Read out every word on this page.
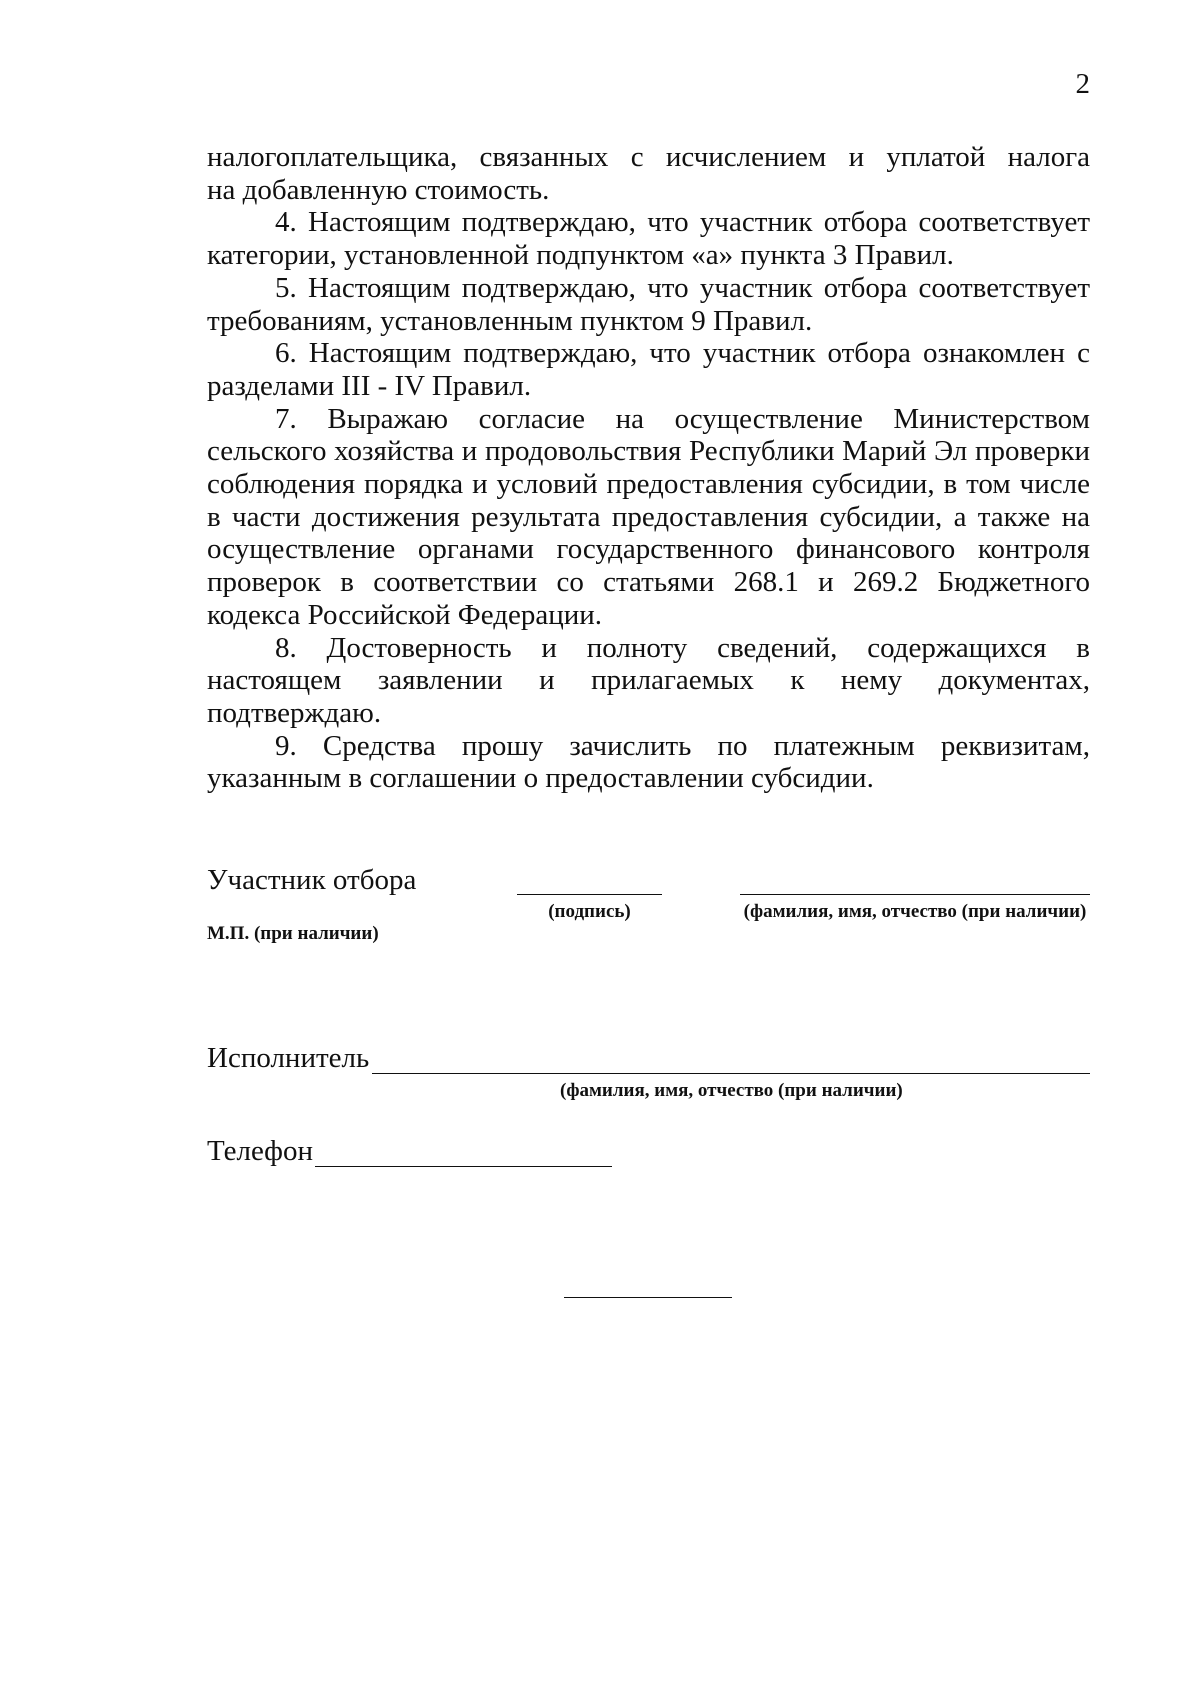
2

налогоплательщика, связанных с исчислением и уплатой налога
на добавленную стоимость.

4. Настоящим подтверждаю, что участник отбора соответствует категории, установленной подпунктом «а» пункта 3 Правил.

5. Настоящим подтверждаю, что участник отбора соответствует требованиям, установленным пунктом 9 Правил.

6. Настоящим подтверждаю, что участник отбора ознакомлен с разделами III - IV Правил.

7. Выражаю согласие на осуществление Министерством сельского хозяйства и продовольствия Республики Марий Эл проверки соблюдения порядка и условий предоставления субсидии, в том числе в части достижения результата предоставления субсидии, а также на осуществление органами государственного финансового контроля проверок в соответствии со статьями 268.1 и 269.2 Бюджетного кодекса Российской Федерации.

8. Достоверность и полноту сведений, содержащихся в настоящем заявлении и прилагаемых к нему документах, подтверждаю.

9. Средства прошу зачислить по платежным реквизитам, указанным в соглашении о предоставлении субсидии.

Участник отбора
(подпись)	(фамилия, имя, отчество (при наличии)
М.П. (при наличии)
Исполнитель
(фамилия, имя, отчество (при наличии)
Телефон
